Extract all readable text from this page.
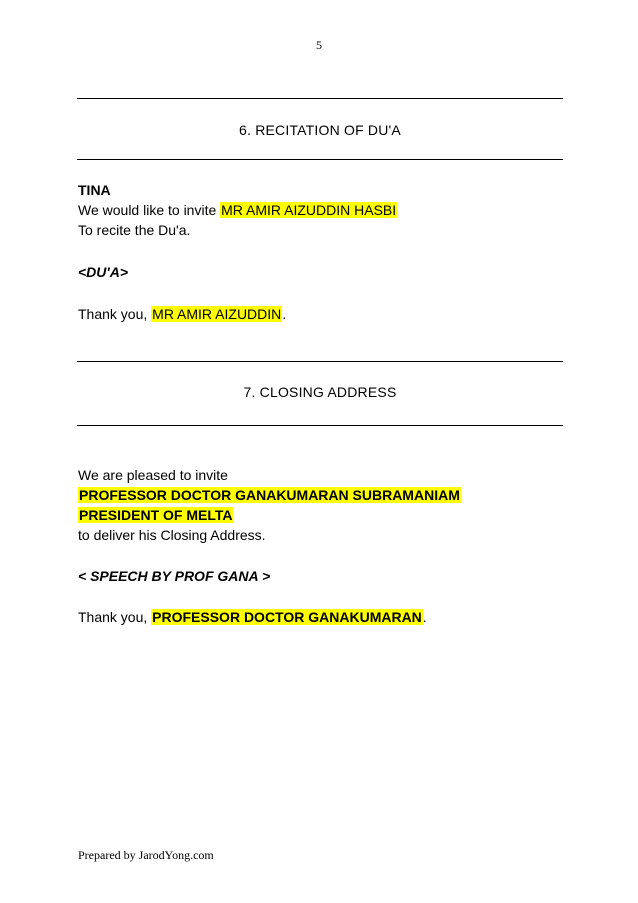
5
6. RECITATION OF DU'A
TINA
We would like to invite MR AMIR AIZUDDIN HASBI
To recite the Du'a.
<DU'A>
Thank you, MR AMIR AIZUDDIN.
7. CLOSING ADDRESS
We are pleased to invite
PROFESSOR DOCTOR GANAKUMARAN SUBRAMANIAM
PRESIDENT OF MELTA
to deliver his Closing Address.
< SPEECH BY PROF GANA >
Thank you, PROFESSOR DOCTOR GANAKUMARAN.
Prepared by JarodYong.com
